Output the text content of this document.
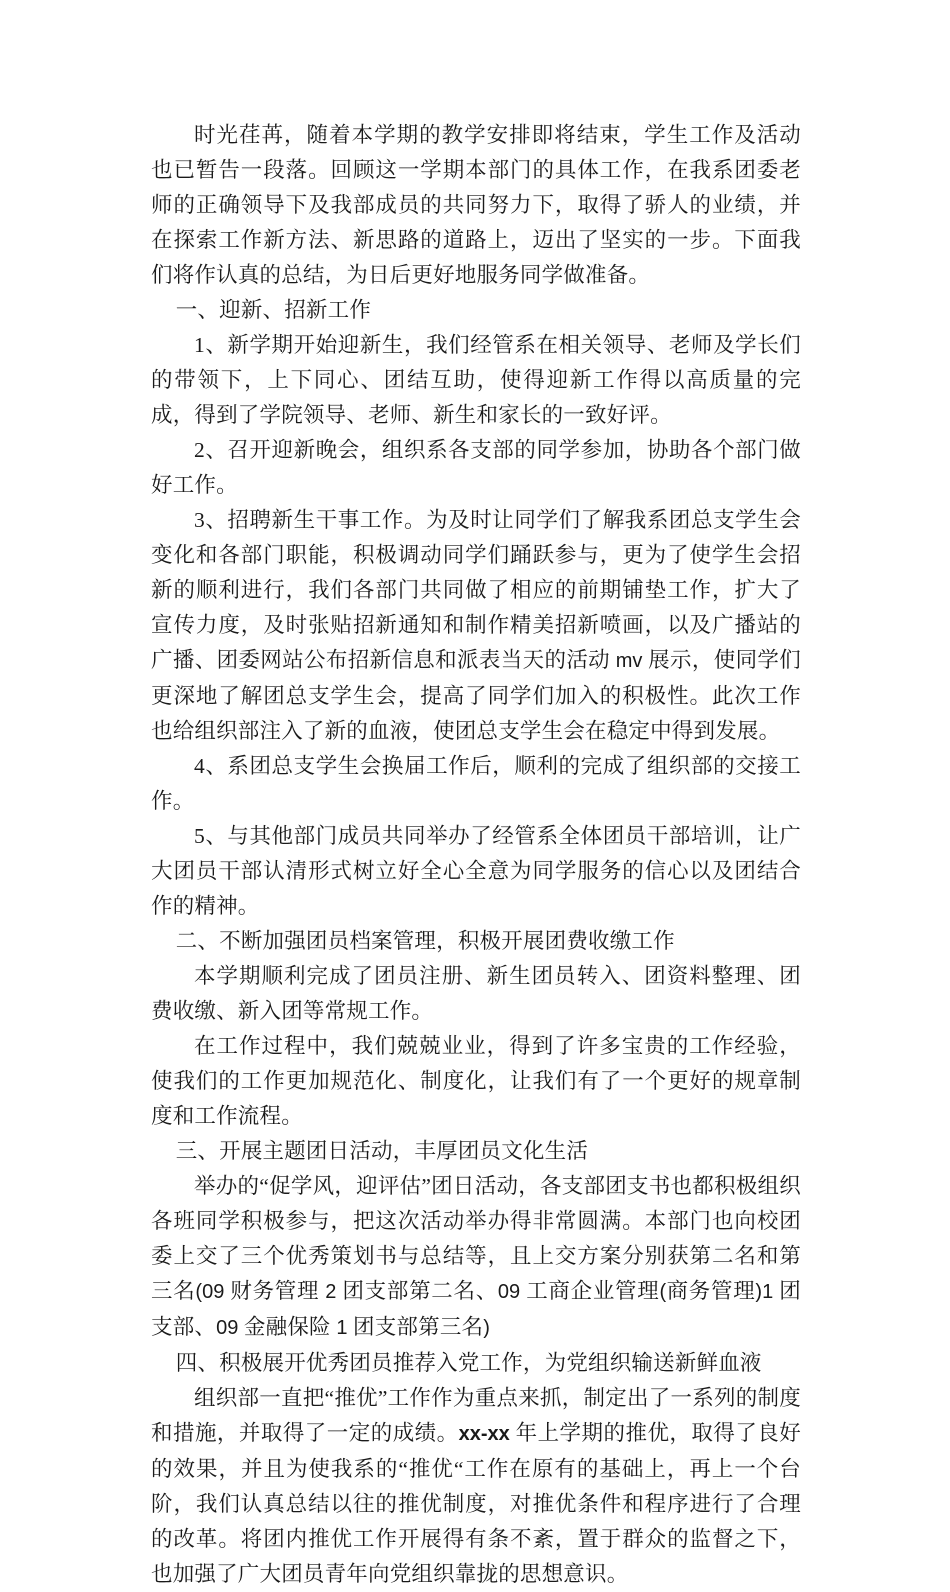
时光荏苒，随着本学期的教学安排即将结束，学生工作及活动也已暂告一段落。回顾这一学期本部门的具体工作，在我系团委老师的正确领导下及我部成员的共同努力下，取得了骄人的业绩，并在探索工作新方法、新思路的道路上，迈出了坚实的一步。下面我们将作认真的总结，为日后更好地服务同学做准备。

一、迎新、招新工作

1、新学期开始迎新生，我们经管系在相关领导、老师及学长们的带领下，上下同心、团结互助，使得迎新工作得以高质量的完成，得到了学院领导、老师、新生和家长的一致好评。

2、召开迎新晚会，组织系各支部的同学参加，协助各个部门做好工作。

3、招聘新生干事工作。为及时让同学们了解我系团总支学生会变化和各部门职能，积极调动同学们踊跃参与，更为了使学生会招新的顺利进行，我们各部门共同做了相应的前期铺垫工作，扩大了宣传力度，及时张贴招新通知和制作精美招新喷画，以及广播站的广播、团委网站公布招新信息和派表当天的活动 mv 展示，使同学们更深地了解团总支学生会，提高了同学们加入的积极性。此次工作也给组织部注入了新的血液，使团总支学生会在稳定中得到发展。

4、系团总支学生会换届工作后，顺利的完成了组织部的交接工作。

5、与其他部门成员共同举办了经管系全体团员干部培训，让广大团员干部认清形式树立好全心全意为同学服务的信心以及团结合作的精神。

二、不断加强团员档案管理，积极开展团费收缴工作

本学期顺利完成了团员注册、新生团员转入、团资料整理、团费收缴、新入团等常规工作。

在工作过程中，我们兢兢业业，得到了许多宝贵的工作经验，使我们的工作更加规范化、制度化，让我们有了一个更好的规章制度和工作流程。

三、开展主题团日活动，丰厚团员文化生活

举办的“促学风，迎评估”团日活动，各支部团支书也都积极组织各班同学积极参与，把这次活动举办得非常圆满。本部门也向校团委上交了三个优秀策划书与总结等，且上交方案分别获第二名和第三名(09 财务管理 2 团支部第二名、09 工商企业管理(商务管理)1 团支部、09 金融保险 1 团支部第三名)

四、积极展开优秀团员推荐入党工作，为党组织输送新鲜血液

组织部一直把“推优”工作作为重点来抓，制定出了一系列的制度和措施，并取得了一定的成绩。xx-xx 年上学期的推优，取得了良好的效果，并且为使我系的“推优“工作在原有的基础上，再上一个台阶，我们认真总结以往的推优制度，对推优条件和程序进行了合理的改革。将团内推优工作开展得有条不紊，置于群众的监督之下，也加强了广大团员青年向党组织靠拢的思想意识。
